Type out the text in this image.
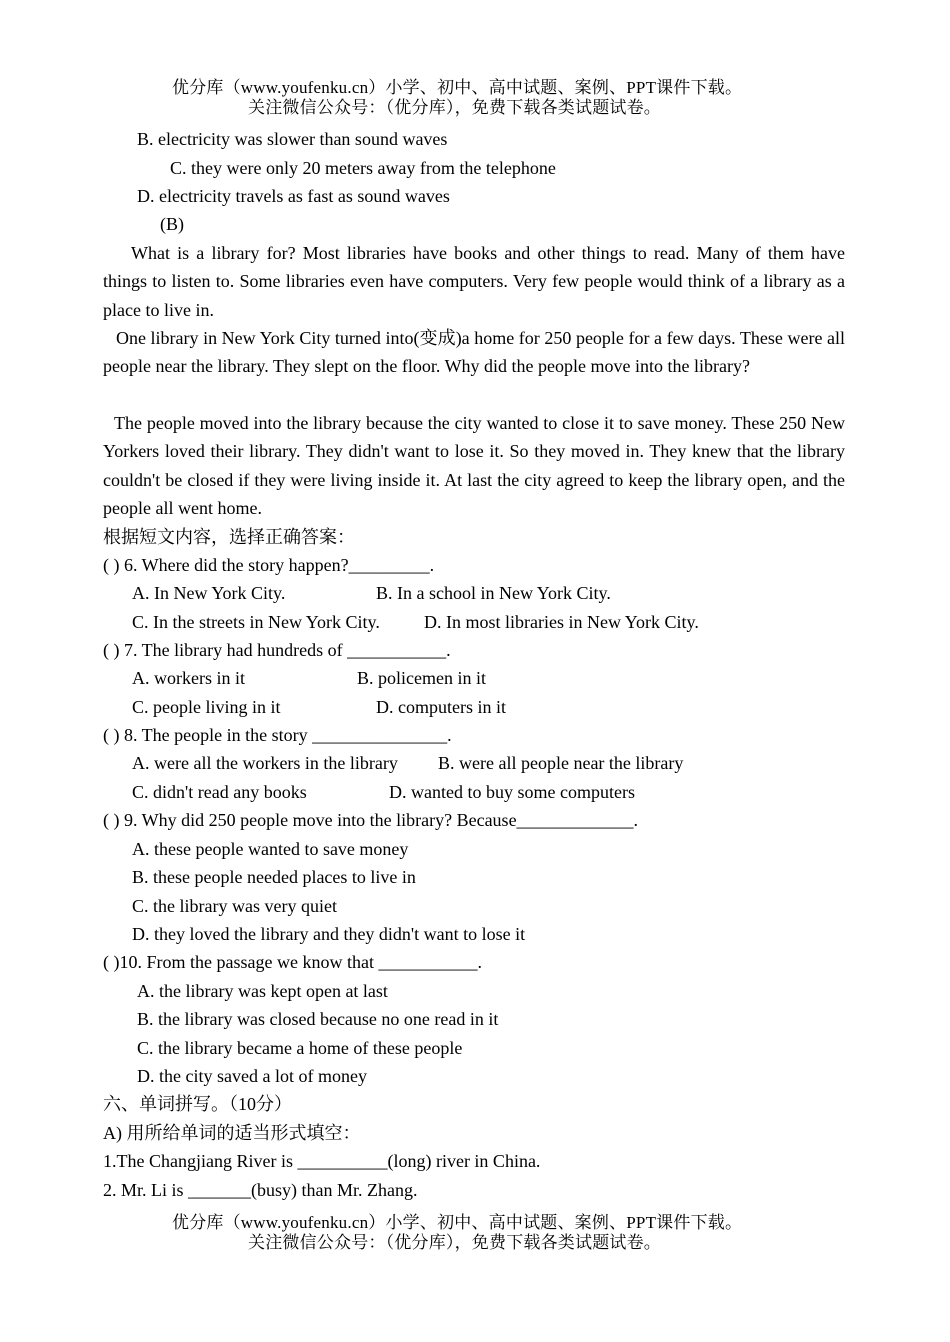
优分库（www.youfenku.cn）小学、初中、高中试题、案例、PPT课件下载。

关注微信公众号：（优分库），免费下载各类试题试卷。

B. electricity was slower than sound waves

C. they were only 20 meters away from the telephone

D. electricity travels as fast as sound waves

(B)

What is a library for? Most libraries have books and other things to read. Many of them have things to listen to. Some libraries even have computers. Very few people would think of a library as a place to live in.

One library in New York City turned into(变成)a home for 250 people for a few days. These were all people near the library. They slept on the floor. Why did the people move into the library?

The people moved into the library because the city wanted to close it to save money. These 250 New Yorkers loved their library. They didn't want to lose it. So they moved in. They knew that the library couldn't be closed if they were living inside it. At last the city agreed to keep the library open, and the people all went home.

根据短文内容，选择正确答案：

( ) 6. Where did the story happen?_________.

A. In New York City.	B. In a school in New York City.

C. In the streets in New York City. D. In most libraries in New York City.

( ) 7. The library had hundreds of ___________.

A. workers in it	B. policemen in it

C. people living in it	D. computers in it

( ) 8. The people in the story _______________.

A. were all the workers in the library B. were all people near the library

C. didn't read any books	D. wanted to buy some computers

( ) 9. Why did 250 people move into the library? Because_____________.

A. these people wanted to save money

B. these people needed places to live in

C. the library was very quiet

D. they loved the library and they didn't want to lose it

( )10. From the passage we know that ___________.

A. the library was kept open at last

B. the library was closed because no one read in it

C. the library became a home of these people

D. the city saved a lot of money

六、单词拼写。（10分）

A) 用所给单词的适当形式填空：

1.The Changjiang River is __________(long) river in China.

2. Mr. Li is _______(busy) than Mr. Zhang.

优分库（www.youfenku.cn）小学、初中、高中试题、案例、PPT课件下载。

关注微信公众号：（优分库），免费下载各类试题试卷。
